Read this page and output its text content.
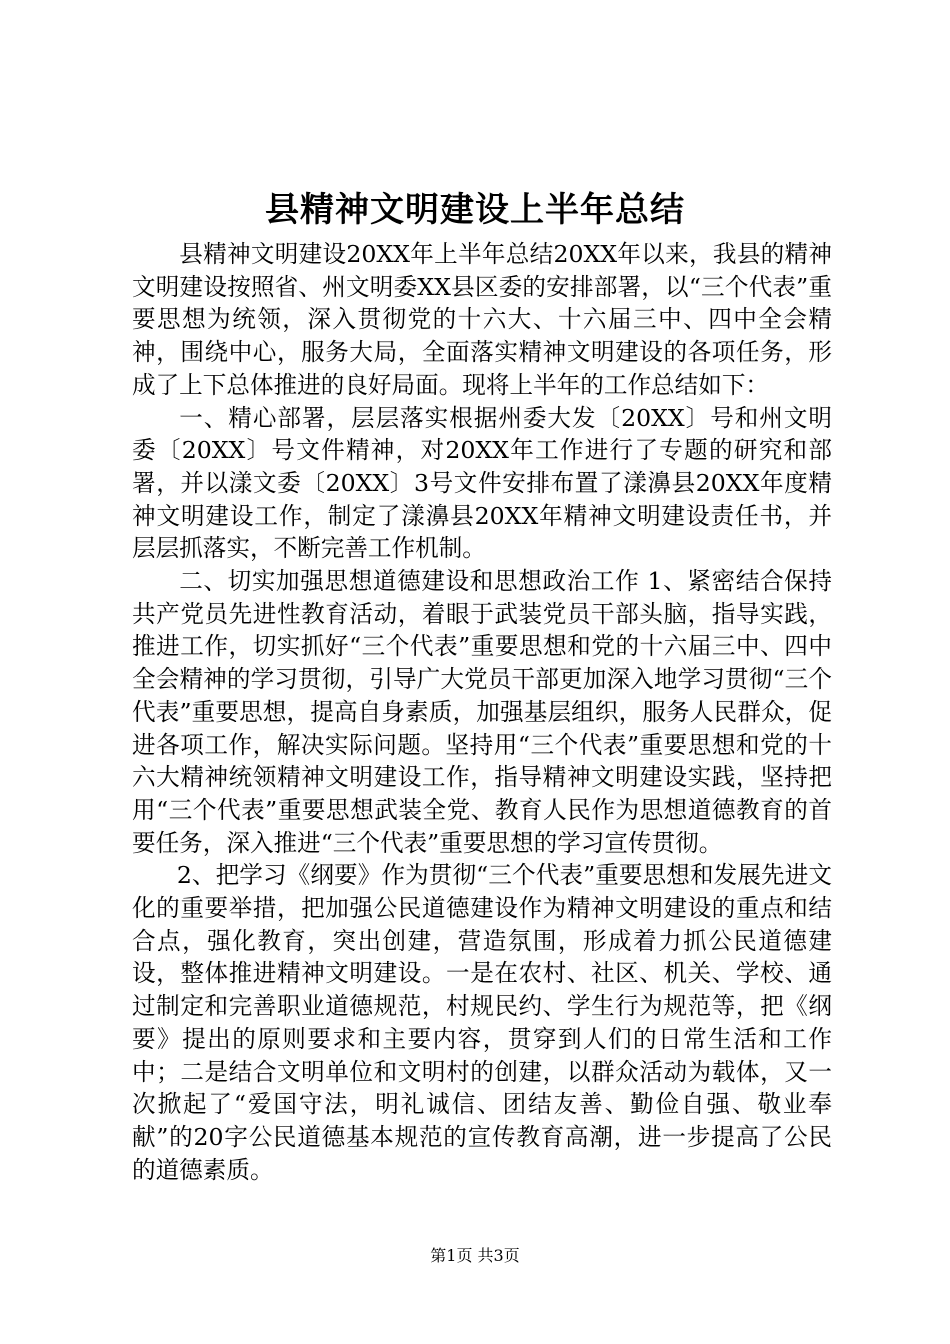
县精神文明建设上半年总结

县精神文明建设20XX年上半年总结20XX年以来，我县的精神文明建设按照省、州文明委XX县区委的安排部署，以“三个代表”重要思想为统领，深入贯彻党的十六大、十六届三中、四中全会精神，围绕中心，服务大局，全面落实精神文明建设的各项任务，形成了上下总体推进的良好局面。现将上半年的工作总结如下：

一、精心部署，层层落实根据州委大发〔20XX〕号和州文明委〔20XX〕号文件精神，对20XX年工作进行了专题的研究和部署，并以漾文委〔20XX〕3号文件安排布置了漾濞县20XX年度精神文明建设工作，制定了漾濞县20XX年精神文明建设责任书，并层层抓落实，不断完善工作机制。

二、切实加强思想道德建设和思想政治工作 1、紧密结合保持共产党员先进性教育活动，着眼于武装党员干部头脑，指导实践，推进工作，切实抓好“三个代表”重要思想和党的十六届三中、四中全会精神的学习贯彻，引导广大党员干部更加深入地学习贯彻“三个代表”重要思想，提高自身素质，加强基层组织，服务人民群众，促进各项工作，解决实际问题。坚持用“三个代表”重要思想和党的十六大精神统领精神文明建设工作，指导精神文明建设实践，坚持把用“三个代表”重要思想武装全党、教育人民作为思想道德教育的首要任务，深入推进“三个代表”重要思想的学习宣传贯彻。

2、把学习《纲要》作为贯彻“三个代表”重要思想和发展先进文化的重要举措，把加强公民道德建设作为精神文明建设的重点和结合点，强化教育，突出创建，营造氛围，形成着力抓公民道德建设，整体推进精神文明建设。一是在农村、社区、机关、学校、通过制定和完善职业道德规范，村规民约、学生行为规范等，把《纲要》提出的原则要求和主要内容，贯穿到人们的日常生活和工作中；二是结合文明单位和文明村的创建，以群众活动为载体，又一次掀起了“爱国守法，明礼诚信、团结友善、勤俭自强、敬业奉献”的20字公民道德基本规范的宣传教育高潮，进一步提高了公民的道德素质。

第1页 共3页
